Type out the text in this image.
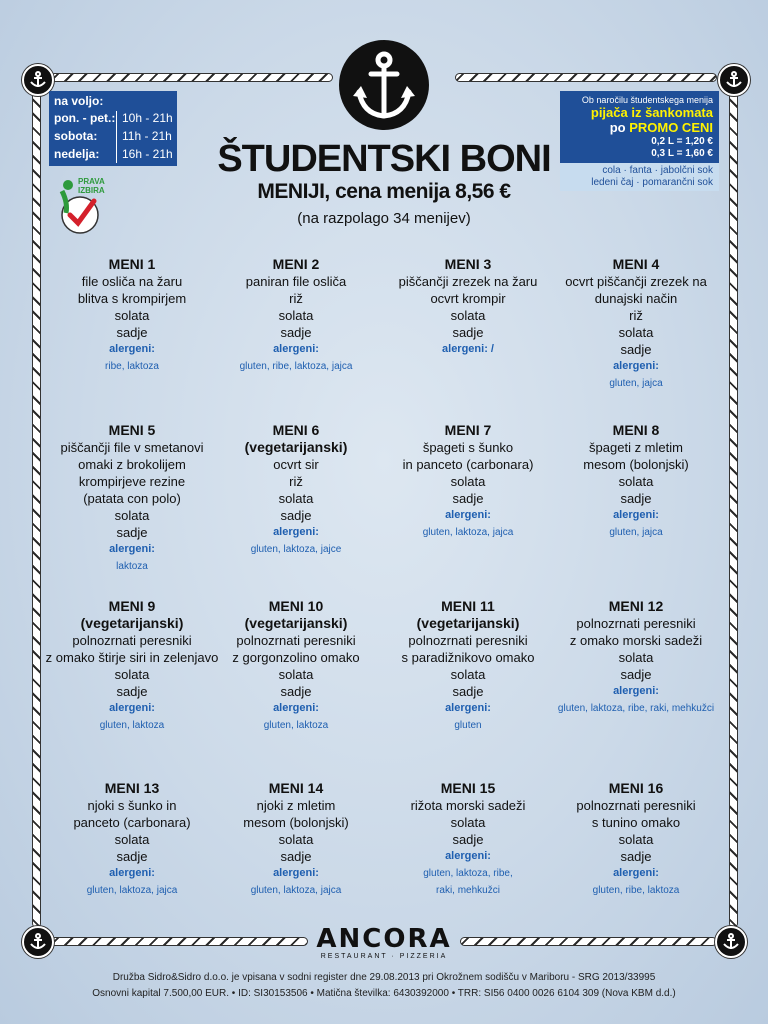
na voljo:
pon. - pet.: 10h - 21h
sobota: 11h - 21h
nedelja: 16h - 21h
Ob naročilu študentskega menija
pijača iz šankomata
po PROMO CENI
0,2 L = 1,20 €
0,3 L = 1,60 €
cola · fanta · jabolčni sok
ledeni čaj · pomarančni sok
PRAVA IZBIRA
ŠTUDENTSKI BONI
MENIJI, cena menija 8,56 €
(na razpolago 34 menijev)
MENI 1
file osliča na žaru
blitva s krompirjem
solata
sadje
alergeni:
ribe, laktoza
MENI 2
paniran file osliča
riž
solata
sadje
alergeni:
gluten, ribe, laktoza, jajca
MENI 3
piščančji zrezek na žaru
ocvrt krompir
solata
sadje
alergeni: /
MENI 4
ocvrt piščančji zrezek na
dunajski način
riž
solata
sadje
alergeni:
gluten, jajca
MENI 5
piščančji file v smetanovi
omaki z brokolijem
krompirjeve rezine
(patata con polo)
solata
sadje
alergeni:
laktoza
MENI 6
(vegetarijanski)
ocvrt sir
riž
solata
sadje
alergeni:
gluten, laktoza, jajce
MENI 7
špageti s šunko
in panceto (carbonara)
solata
sadje
alergeni:
gluten, laktoza, jajca
MENI 8
špageti z mletim
mesom (bolonjski)
solata
sadje
alergeni:
gluten, jajca
MENI 9
(vegetarijanski)
polnozrnati peresniki
z omako štirje siri in zelenjavo
solata
sadje
alergeni:
gluten, laktoza
MENI 10
(vegetarijanski)
polnozrnati peresniki
z gorgonzolino omako
solata
sadje
alergeni:
gluten, laktoza
MENI 11
(vegetarijanski)
polnozrnati peresniki
s paradižnikovo omako
solata
sadje
alergeni:
gluten
MENI 12
polnozrnati peresniki
z omako morski sadeži
solata
sadje
alergeni:
gluten, laktoza, ribe, raki, mehkužci
MENI 13
njoki s šunko in
panceto (carbonara)
solata
sadje
alergeni:
gluten, laktoza, jajca
MENI 14
njoki z mletim
mesom (bolonjski)
solata
sadje
alergeni:
gluten, laktoza, jajca
MENI 15
rižota morski sadeži
solata
sadje
alergeni:
gluten, laktoza, ribe,
raki, mehkužci
MENI 16
polnozrnati peresniki
s tunino omako
solata
sadje
alergeni:
gluten, ribe, laktoza
ANCORA
RESTAURANT · PIZZERIA
Družba Sidro&Sidro d.o.o. je vpisana v sodni register dne 29.08.2013 pri Okrožnem sodišču v Mariboru - SRG 2013/33995
Osnovni kapital 7.500,00 EUR. • ID: SI30153506 • Matična številka: 6430392000 • TRR: SI56 0400 0026 6104 309 (Nova KBM d.d.)
